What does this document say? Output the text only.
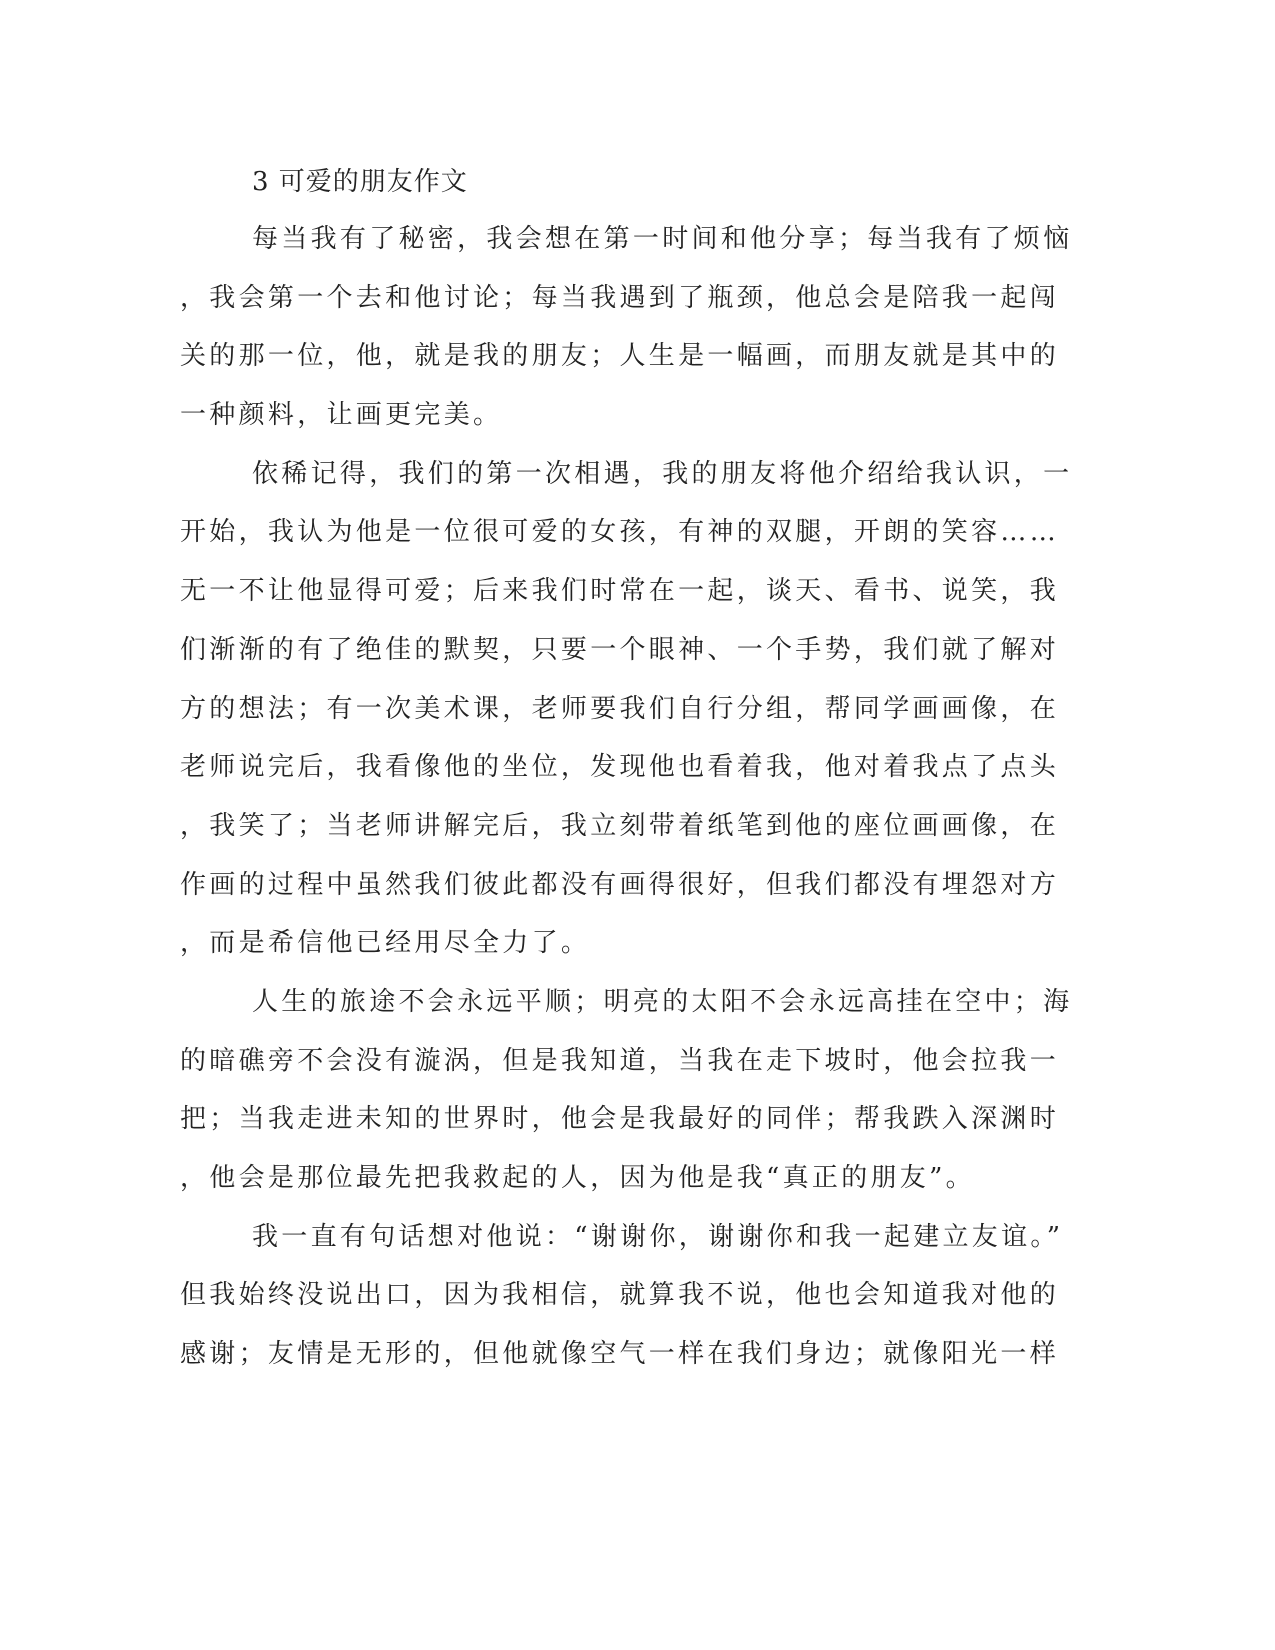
3 可爱的朋友作文
每当我有了秘密，我会想在第一时间和他分享；每当我有了烦恼
，我会第一个去和他讨论；每当我遇到了瓶颈，他总会是陪我一起闯
关的那一位，他，就是我的朋友；人生是一幅画，而朋友就是其中的
一种颜料，让画更完美。
依稀记得，我们的第一次相遇，我的朋友将他介绍给我认识，一
开始，我认为他是一位很可爱的女孩，有神的双腿，开朗的笑容……
无一不让他显得可爱；后来我们时常在一起，谈天、看书、说笑，我
们渐渐的有了绝佳的默契，只要一个眼神、一个手势，我们就了解对
方的想法；有一次美术课，老师要我们自行分组，帮同学画画像，在
老师说完后，我看像他的坐位，发现他也看着我，他对着我点了点头
，我笑了；当老师讲解完后，我立刻带着纸笔到他的座位画画像，在
作画的过程中虽然我们彼此都没有画得很好，但我们都没有埋怨对方
，而是希信他已经用尽全力了。
人生的旅途不会永远平顺；明亮的太阳不会永远高挂在空中；海
的暗礁旁不会没有漩涡，但是我知道，当我在走下坡时，他会拉我一
把；当我走进未知的世界时，他会是我最好的同伴；帮我跌入深渊时
，他会是那位最先把我救起的人，因为他是我“真正的朋友”。
我一直有句话想对他说：“谢谢你，谢谢你和我一起建立友谊。”
但我始终没说出口，因为我相信，就算我不说，他也会知道我对他的
感谢；友情是无形的，但他就像空气一样在我们身边；就像阳光一样
